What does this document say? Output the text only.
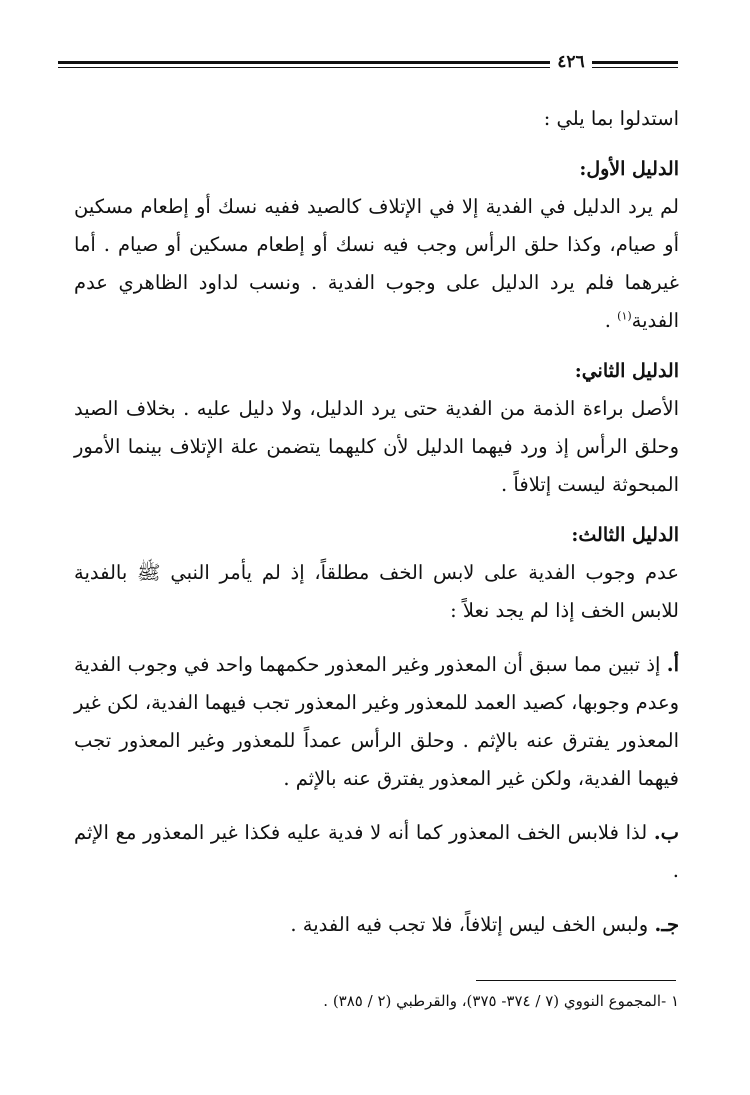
٤٢٦

استدلوا بما يلي :

الدليل الأول:

لم يرد الدليل في الفدية إلا في الإتلاف كالصيد ففيه نسك أو إطعام مسكين أو صيام، وكذا حلق الرأس وجب فيه نسك أو إطعام مسكين أو صيام . أما غيرهما فلم يرد الدليل على وجوب الفدية . ونسب لداود الظاهري عدم الفدية$^{(١)}$ .

الدليل الثاني:

الأصل براءة الذمة من الفدية حتى يرد الدليل، ولا دليل عليه . بخلاف الصيد وحلق الرأس إذ ورد فيهما الدليل لأن كليهما يتضمن علة الإتلاف بينما الأمور المبحوثة ليست إتلافاً .

الدليل الثالث:

عدم وجوب الفدية على لابس الخف مطلقاً، إذ لم يأمر النبي ﷺ بالفدية للابس الخف إذا لم يجد نعلاً :

أ. إذ تبين مما سبق أن المعذور وغير المعذور حكمهما واحد في وجوب الفدية وعدم وجوبها، كصيد العمد للمعذور وغير المعذور تجب فيهما الفدية، لكن غير المعذور يفترق عنه بالإثم . وحلق الرأس عمداً للمعذور وغير المعذور تجب فيهما الفدية، ولكن غير المعذور يفترق عنه بالإثم .

ب. لذا فلابس الخف المعذور كما أنه لا فدية عليه فكذا غير المعذور مع الإثم .

جـ. ولبس الخف ليس إتلافاً، فلا تجب فيه الفدية .

١ -المجموع النووي (٧ / ٣٧٤- ٣٧٥)، والقرطبي (٢ / ٣٨٥) .
